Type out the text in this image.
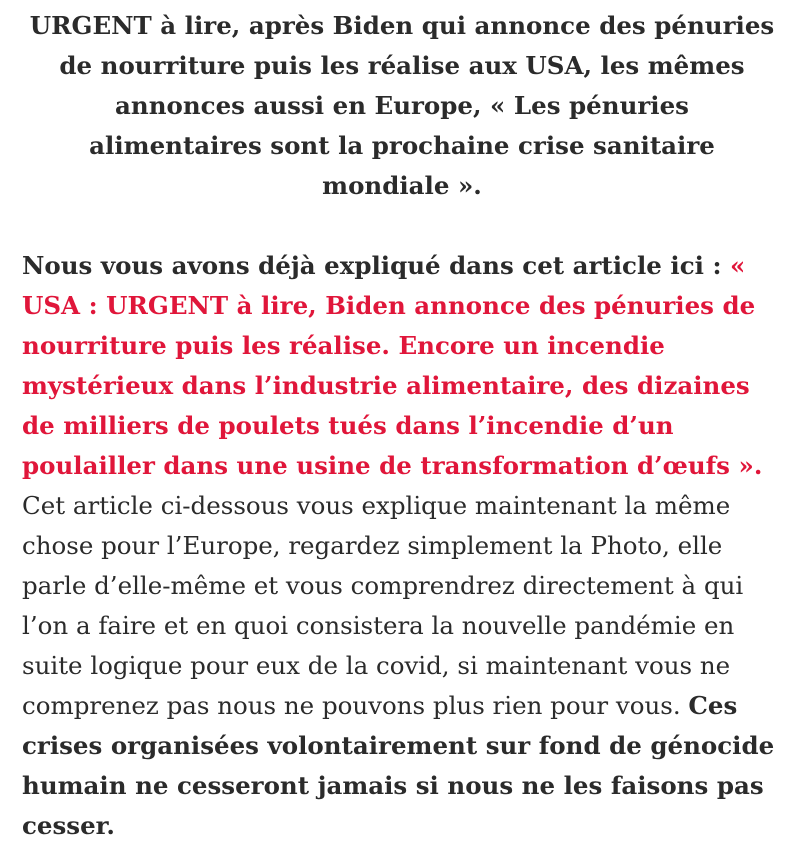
URGENT à lire, après Biden qui annonce des pénuries de nourriture puis les réalise aux USA, les mêmes annonces aussi en Europe, « Les pénuries alimentaires sont la prochaine crise sanitaire mondiale ».

Nous vous avons déjà expliqué dans cet article ici : « USA : URGENT à lire, Biden annonce des pénuries de nourriture puis les réalise. Encore un incendie mystérieux dans l’industrie alimentaire, des dizaines de milliers de poulets tués dans l’incendie d’un poulailler dans une usine de transformation d’œufs ». Cet article ci-dessous vous explique maintenant la même chose pour l’Europe, regardez simplement la Photo, elle parle d’elle-même et vous comprendrez directement à qui l’on a faire et en quoi consistera la nouvelle pandémie en suite logique pour eux de la covid, si maintenant vous ne comprenez pas nous ne pouvons plus rien pour vous. Ces crises organisées volontairement sur fond de génocide humain ne cesseront jamais si nous ne les faisons pas cesser.
